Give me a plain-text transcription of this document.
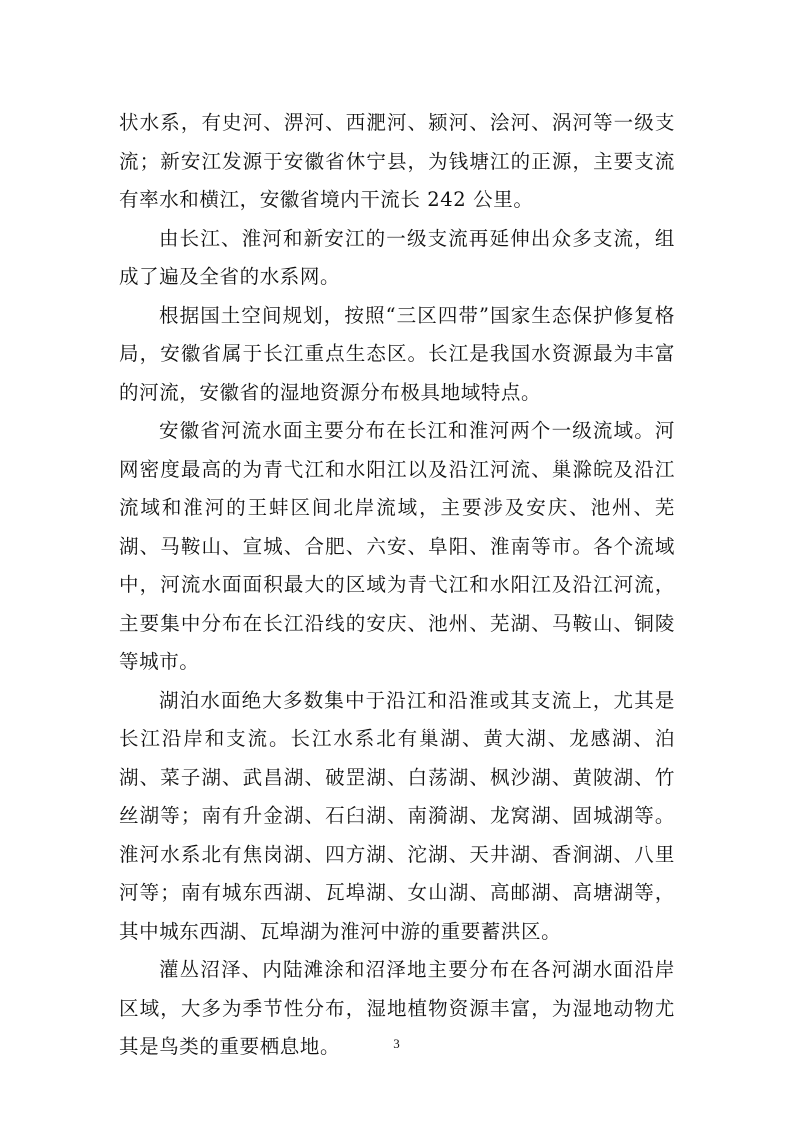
状水系，有史河、淠河、西淝河、颍河、浍河、涡河等一级支流；新安江发源于安徽省休宁县，为钱塘江的正源，主要支流有率水和横江，安徽省境内干流长 242 公里。

由长江、淮河和新安江的一级支流再延伸出众多支流，组成了遍及全省的水系网。

根据国土空间规划，按照“三区四带”国家生态保护修复格局，安徽省属于长江重点生态区。长江是我国水资源最为丰富的河流，安徽省的湿地资源分布极具地域特点。

安徽省河流水面主要分布在长江和淮河两个一级流域。河网密度最高的为青弋江和水阳江以及沿江河流、巢滁皖及沿江流域和淮河的王蚌区间北岸流域，主要涉及安庆、池州、芜湖、马鞍山、宣城、合肥、六安、阜阳、淮南等市。各个流域中，河流水面面积最大的区域为青弋江和水阳江及沿江河流，主要集中分布在长江沿线的安庆、池州、芜湖、马鞍山、铜陵等城市。

湖泊水面绝大多数集中于沿江和沿淮或其支流上，尤其是长江沿岸和支流。长江水系北有巢湖、黄大湖、龙感湖、泊湖、菜子湖、武昌湖、破罡湖、白荡湖、枫沙湖、黄陂湖、竹丝湖等；南有升金湖、石臼湖、南漪湖、龙窝湖、固城湖等。淮河水系北有焦岗湖、四方湖、沱湖、天井湖、香涧湖、八里河等；南有城东西湖、瓦埠湖、女山湖、高邮湖、高塘湖等，其中城东西湖、瓦埠湖为淮河中游的重要蓄洪区。

灌丛沼泽、内陆滩涂和沼泽地主要分布在各河湖水面沿岸区域，大多为季节性分布，湿地植物资源丰富，为湿地动物尤其是鸟类的重要栖息地。	3
